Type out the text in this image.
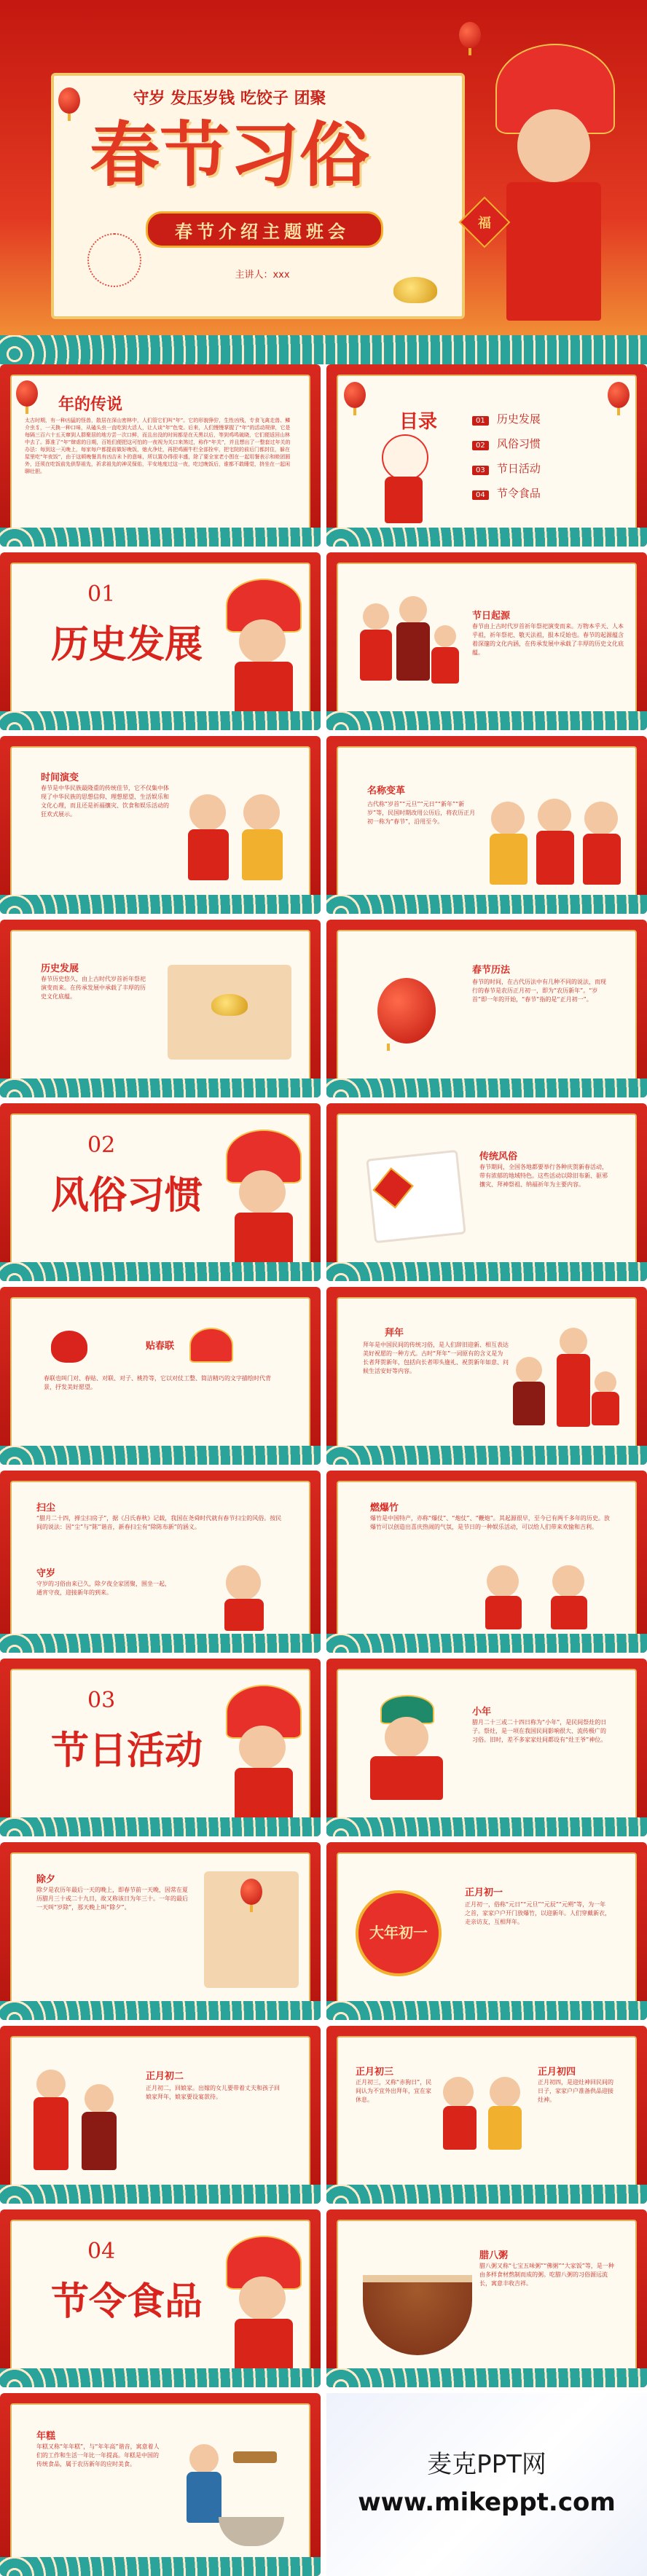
守岁 发压岁钱 吃饺子 团聚
春节习俗
春节介绍主题班会
主讲人：xxx
福
年的传说
太古时期，有一种凶猛的怪兽，散居在深山密林中，人们管它们叫“年”。它的形貌狰狞，生性凶残，专食飞禽走兽、鳞介虫豸，一天换一种口味，从磕头虫一直吃到大活人，让人谈“年”色变。后来，人们慢慢掌握了“年”的活动规律，它是每隔三百六十五天窜到人群聚居的地方尝一次口鲜，而且出没的时间都是在天黑以后，等到鸡鸣破晓，它们便返回山林中去了。算准了“年”肆虐的日期，百姓们便把这可怕的一夜视为关口来煞过，称作“年关”，并且想出了一整套过年关的办法：每到这一天晚上，每家每户都提前做好晚饭，熄火净灶，再把鸡圈牛栏全部拴牢，把宅院的前后门都封住，躲在屋里吃“年夜饭”，由于这顿晚餐具有凶吉未卜的意味，所以置办得很丰盛，除了要全家老小围在一起用餐表示和睦团圆外，还须在吃饭前先供祭祖先，祈求祖先的神灵保佑，平安地度过这一夜，吃过晚饭后，谁都不敢睡觉，挤坐在一起闲聊壮胆。
目录	01 历史发展
02 风俗习惯
03 节日活动
04 节令食品
01
历史发展
节日起源
春节由上古时代岁首祈年祭祀演变而来。万物本乎天、人本乎祖，祈年祭祀、敬天法祖，报本反始也。春节的起源蕴含着深邃的文化内涵，在传承发展中承载了丰厚的历史文化底蕴。
时间演变
春节是中华民族最隆重的传统佳节，它不仅集中体现了中华民族的思想信仰、理想愿望、生活娱乐和文化心理，而且还是祈福攘灾、饮食和娱乐活动的狂欢式展示。
名称变革
古代称“岁首”“元旦”“元日”“新年”“新岁”等，民国时期改用公历后，将农历正月初一称为“春节”，沿用至今。
历史发展
春节历史悠久，由上古时代岁首祈年祭祀演变而来。在传承发展中承载了丰厚的历史文化底蕴。
春节历法
春节的时间，在古代历法中有几种不同的说法，而现行的春节是农历正月初一，即为“农历新年”。“岁首”即一年的开始，“春节”指的是“正月初一”。
02
风俗习惯
传统风俗
春节期间，全国各地都要举行各种庆贺新春活动，带有浓郁的地域特色。这些活动以除旧布新、驱邪攘灾、拜神祭祖、纳福祈年为主要内容。
贴春联
春联也叫门对、春贴、对联、对子、桃符等，它以对仗工整、简洁精巧的文字描绘时代背景，抒发美好愿望。
拜年
拜年是中国民间的传统习俗，是人们辞旧迎新、相互表达美好祝愿的一种方式。古时“拜年”一词原有的含义是为长者拜贺新年，包括向长者叩头施礼、祝贺新年如意、问候生活安好等内容。
扫尘
“腊月二十四，掸尘扫房子”，据《吕氏春秋》记载，我国在尧舜时代就有春节扫尘的风俗。按民间的说法：因“尘”与“陈”谐音，新春扫尘有“除陈布新”的涵义。
守岁
守岁的习俗由来已久，除夕夜全家团聚，围坐一起，通宵守夜，迎接新年的到来。
燃爆竹
爆竹是中国特产，亦称“爆仗”、“炮仗”、“鞭炮”。其起源很早，至今已有两千多年的历史。放爆竹可以创造出喜庆热闹的气氛，是节日的一种娱乐活动，可以给人们带来欢愉和吉利。
03
节日活动
小年
腊月二十三或二十四日称为“小年”，是民间祭灶的日子。祭灶，是一项在我国民间影响很大、流传极广的习俗。旧时，差不多家家灶间都设有“灶王爷”神位。
除夕
除夕是农历年最后一天的晚上，即春节前一天晚，因常在夏历腊月三十或二十九日，故又称该日为年三十。一年的最后一天叫“岁除”，那天晚上叫“除夕”。
大年初一
正月初一
正月初一，俗称“元日”“元旦”“元辰”“元朔”等，为一年之首，家家户户开门放爆竹，以迎新年。人们穿戴新衣，走亲访友，互相拜年。
正月初二
正月初二，回娘家。出嫁的女儿要带着丈夫和孩子回娘家拜年，娘家要设宴款待。
正月初三
正月初三，又称“赤狗日”，民间认为不宜外出拜年，宜在家休息。
正月初四
正月初四，是迎灶神回民间的日子，家家户户准备供品迎接灶神。
04
节令食品
腊八粥
腊八粥又称“七宝五味粥”“佛粥”“大家饭”等，是一种由多样食材熬制而成的粥。吃腊八粥的习俗源远流长，寓意丰收吉祥。
年糕
年糕又称“年年糕”，与“年年高”谐音，寓意着人们的工作和生活一年比一年提高。年糕是中国的传统食品，属于农历新年的应时美食。	麦克PPT网
www.mikeppt.com
